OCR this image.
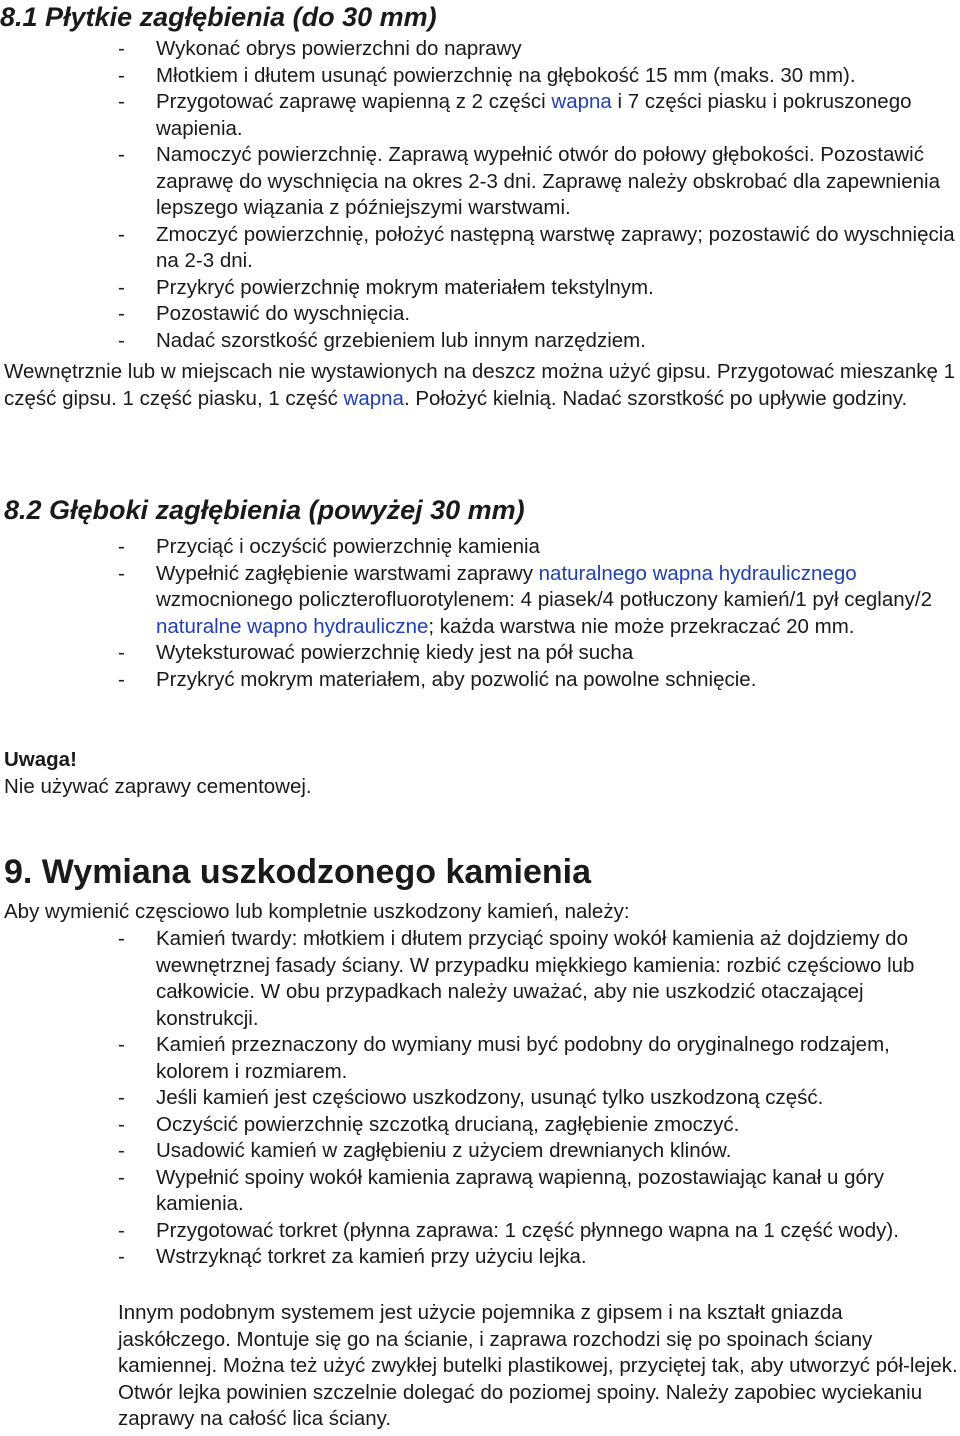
8.1 Płytkie zagłębienia (do 30 mm)
- Wykonać obrys powierzchni do naprawy
- Młotkiem i dłutem usunąć powierzchnię na głębokość 15 mm (maks. 30 mm).
- Przygotować zaprawę wapienną z 2 części wapna i 7 części piasku i pokruszonego wapienia.
- Namoczyć powierzchnię. Zaprawą wypełnić otwór do połowy głębokości. Pozostawić zaprawę do wyschnięcia na okres 2-3 dni. Zaprawę należy obskrobać dla zapewnienia lepszego wiązania z późniejszymi warstwami.
- Zmoczyć powierzchnię, położyć następną warstwę zaprawy; pozostawić do wyschnięcia na 2-3 dni.
- Przykryć powierzchnię mokrym materiałem tekstylnym.
- Pozostawić do wyschnięcia.
- Nadać szorstkość grzebieniem lub innym narzędziem.

Wewnętrznie lub w miejscach nie wystawionych na deszcz można użyć gipsu. Przygotować mieszankę 1 część gipsu. 1 część piasku, 1 część wapna. Położyć kielnią. Nadać szorstkość po upływie godziny.

8.2 Głęboki zagłębienia (powyżej 30 mm)
- Przyciąć i oczyścić powierzchnię kamienia
- Wypełnić zagłębienie warstwami zaprawy naturalnego wapna hydraulicznego wzmocnionego policzterofluorotylenem: 4 piasek/4 potłuczony kamień/1 pył ceglany/2 naturalne wapno hydrauliczne; każda warstwa nie może przekraczać 20 mm.
- Wyteksturować powierzchnię kiedy jest na pół sucha
- Przykryć mokrym materiałem, aby pozwolić na powolne schnięcie.

Uwaga!

Nie używać zaprawy cementowej.

9. Wymiana uszkodzonego kamienia

Aby wymienić częsciowo lub kompletnie uszkodzony kamień, należy:

- Kamień twardy: młotkiem i dłutem przyciąć spoiny wokół kamienia aż dojdziemy do wewnętrznej fasady ściany. W przypadku miękkiego kamienia: rozbić częściowo lub całkowicie. W obu przypadkach należy uważać, aby nie uszkodzić otaczającej konstrukcji.
- Kamień przeznaczony do wymiany musi być podobny do oryginalnego rodzajem, kolorem i rozmiarem.
- Jeśli kamień jest częściowo uszkodzony, usunąć tylko uszkodzoną część.
- Oczyścić powierzchnię szczotką drucianą, zagłębienie zmoczyć.
- Usadowić kamień w zagłębieniu z użyciem drewnianych klinów.
- Wypełnić spoiny wokół kamienia zaprawą wapienną, pozostawiając kanał u góry kamienia.
- Przygotować torkret (płynna zaprawa: 1 część płynnego wapna na 1 część wody).
- Wstrzyknąć torkret za kamień przy użyciu lejka.

Innym podobnym systemem jest użycie pojemnika z gipsem i na kształt gniazda jaskółczego. Montuje się go na ścianie, i zaprawa rozchodzi się po spoinach ściany kamiennej. Można też użyć zwykłej butelki plastikowej, przyciętej tak, aby utworzyć pół-lejek. Otwór lejka powinien szczelnie dolegać do poziomej spoiny. Należy zapobiec wyciekaniu zaprawy na całość lica ściany.
